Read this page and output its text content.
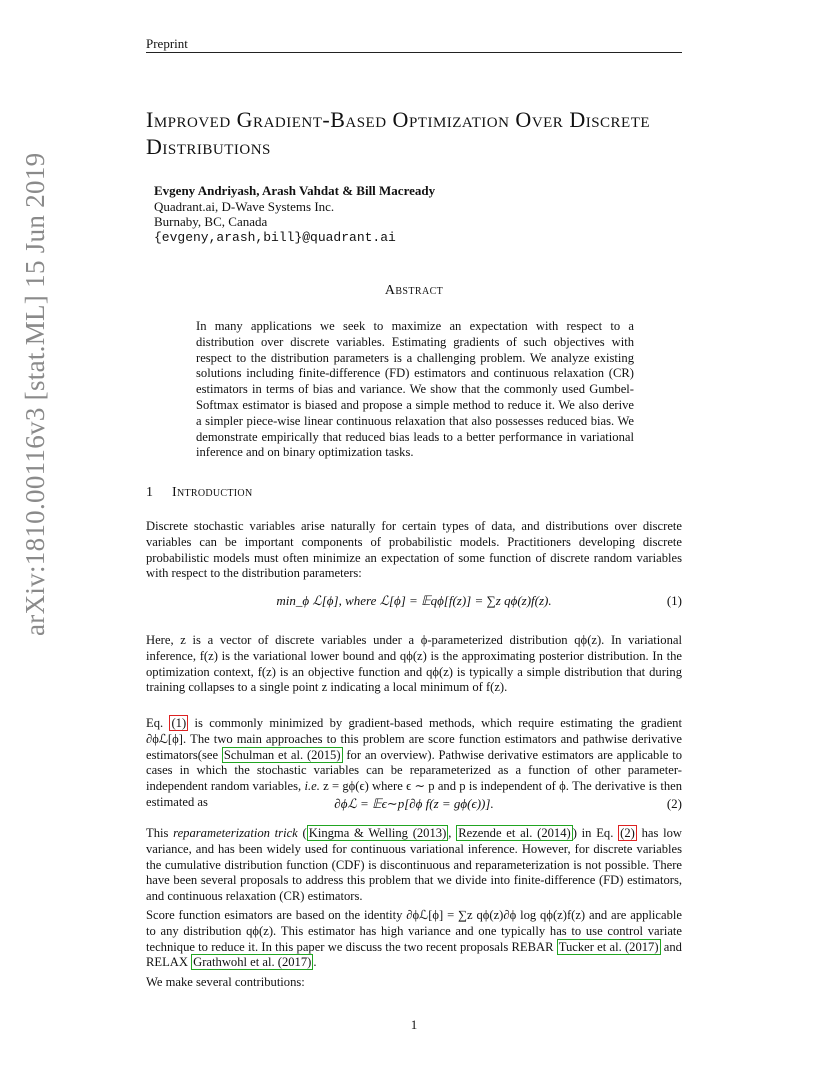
Preprint
Improved Gradient-Based Optimization Over Discrete Distributions
Evgeny Andriyash, Arash Vahdat & Bill Macready
Quadrant.ai, D-Wave Systems Inc.
Burnaby, BC, Canada
{evgeny,arash,bill}@quadrant.ai
arXiv:1810.00116v3 [stat.ML] 15 Jun 2019	Abstract
In many applications we seek to maximize an expectation with respect to a distribution over discrete variables. Estimating gradients of such objectives with respect to the distribution parameters is a challenging problem. We analyze existing solutions including finite-difference (FD) estimators and continuous relaxation (CR) estimators in terms of bias and variance. We show that the commonly used Gumbel-Softmax estimator is biased and propose a simple method to reduce it. We also derive a simpler piece-wise linear continuous relaxation that also possesses reduced bias. We demonstrate empirically that reduced bias leads to a better performance in variational inference and on binary optimization tasks.
1 Introduction
Discrete stochastic variables arise naturally for certain types of data, and distributions over discrete variables can be important components of probabilistic models. Practitioners developing discrete probabilistic models must often minimize an expectation of some function of discrete random variables with respect to the distribution parameters:
min_ϕ ℒ[ϕ], where ℒ[ϕ] = 𝔼qϕ[f(z)] = ∑z qϕ(z)f(z).	(1)
Here, z is a vector of discrete variables under a ϕ-parameterized distribution qϕ(z). In variational inference, f(z) is the variational lower bound and qϕ(z) is the approximating posterior distribution. In the optimization context, f(z) is an objective function and qϕ(z) is typically a simple distribution that during training collapses to a single point z indicating a local minimum of f(z).
Eq. (1) is commonly minimized by gradient-based methods, which require estimating the gradient ∂ϕℒ[ϕ]. The two main approaches to this problem are score function estimators and pathwise derivative estimators(see Schulman et al. (2015) for an overview). Pathwise derivative estimators are applicable to cases in which the stochastic variables can be reparameterized as a function of other parameter-independent random variables, i.e. z = gϕ(ϵ) where ϵ ∼ p and p is independent of ϕ. The derivative is then estimated as	∂ϕℒ = 𝔼ϵ∼p[∂ϕ f(z = gϕ(ϵ))].	(2)
This reparameterization trick ( Kingma & Welling (2013) , Rezende et al. (2014) ) in Eq. (2) has low variance, and has been widely used for continuous variational inference. However, for discrete variables the cumulative distribution function (CDF) is discontinuous and reparameterization is not possible. There have been several proposals to address this problem that we divide into finite-difference (FD) estimators, and continuous relaxation (CR) estimators.
Score function esimators are based on the identity ∂ϕℒ[ϕ] = ∑z qϕ(z)∂ϕ log qϕ(z)f(z) and are applicable to any distribution qϕ(z). This estimator has high variance and one typically has to use control variate technique to reduce it. In this paper we discuss the two recent proposals REBAR Tucker et al. (2017) and RELAX Grathwohl et al. (2017) .
We make several contributions:
1
